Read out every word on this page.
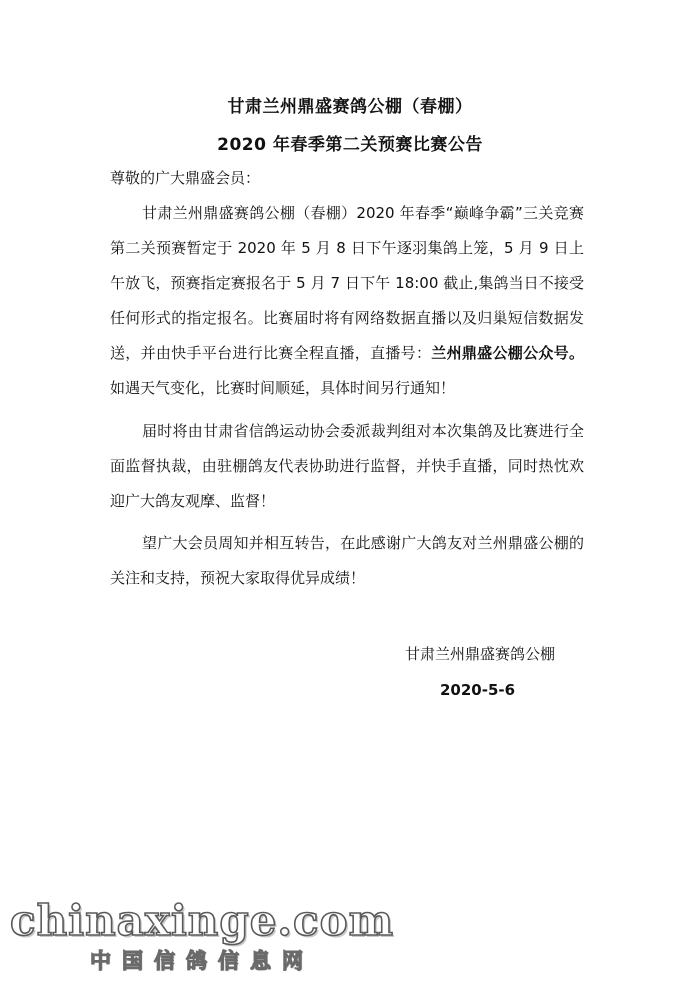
甘肃兰州鼎盛赛鸽公棚（春棚）
2020 年春季第二关预赛比赛公告
尊敬的广大鼎盛会员：

甘肃兰州鼎盛赛鸽公棚（春棚）2020 年春季“巅峰争霸”三关竞赛第二关预赛暂定于 2020 年 5 月 8 日下午逐羽集鸽上笼，5 月 9 日上午放飞，预赛指定赛报名于 5 月 7 日下午 18:00 截止,集鸽当日不接受任何形式的指定报名。比赛届时将有网络数据直播以及归巢短信数据发送，并由快手平台进行比赛全程直播，直播号：兰州鼎盛公棚公众号。如遇天气变化，比赛时间顺延，具体时间另行通知！

届时将由甘肃省信鸽运动协会委派裁判组对本次集鸽及比赛进行全面监督执裁，由驻棚鸽友代表协助进行监督，并快手直播，同时热忱欢迎广大鸽友观摩、监督！

望广大会员周知并相互转告，在此感谢广大鸽友对兰州鼎盛公棚的关注和支持，预祝大家取得优异成绩！

甘肃兰州鼎盛赛鸽公棚
2020-5-6
chinaxinge.com
中国信鸽信息网
